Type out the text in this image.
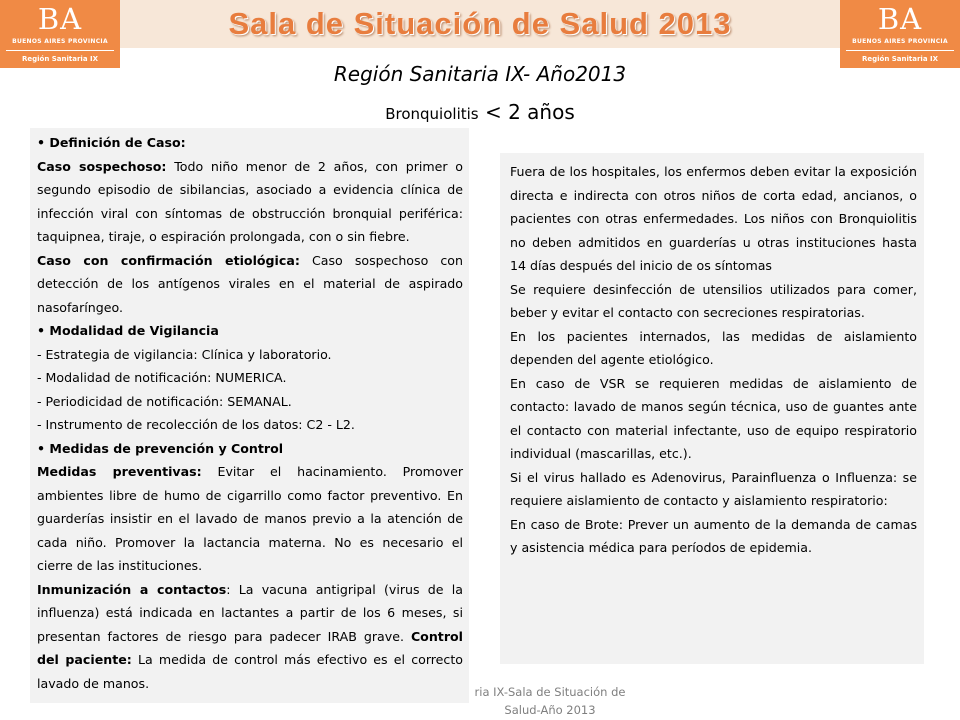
BA
BUENOS AIRES PROVINCIA
Región Sanitaria IX
Sala de Situación de Salud 2013	BA
BUENOS AIRES PROVINCIA
Región Sanitaria IX
Región Sanitaria IX- Año2013
Bronquiolitis < 2 años

• Definición de Caso:

Caso sospechoso: Todo niño menor de 2 años, con primer o segundo episodio de sibilancias, asociado a evidencia clínica de infección viral con síntomas de obstrucción bronquial periférica: taquipnea, tiraje, o espiración prolongada, con o sin fiebre.

Caso con confirmación etiológica: Caso sospechoso con detección de los antígenos virales en el material de aspirado nasofaríngeo.

• Modalidad de Vigilancia

- Estrategia de vigilancia: Clínica y laboratorio.

- Modalidad de notificación: NUMERICA.

- Periodicidad de notificación: SEMANAL.

- Instrumento de recolección de los datos: C2 - L2.

• Medidas de prevención y Control

Medidas preventivas: Evitar el hacinamiento. Promover ambientes libre de humo de cigarrillo como factor preventivo. En guarderías insistir en el lavado de manos previo a la atención de cada niño. Promover la lactancia materna. No es necesario el cierre de las instituciones.

Inmunización a contactos: La vacuna antigripal (virus de la influenza) está indicada en lactantes a partir de los 6 meses, si presentan factores de riesgo para padecer IRAB grave. Control del paciente: La medida de control más efectivo es el correcto lavado de manos.

Fuera de los hospitales, los enfermos deben evitar la exposición directa e indirecta con otros niños de corta edad, ancianos, o pacientes con otras enfermedades. Los niños con Bronquiolitis no deben admitidos en guarderías u otras instituciones hasta 14 días después del inicio de os síntomas

Se requiere desinfección de utensilios utilizados para comer, beber y evitar el contacto con secreciones respiratorias.

En los pacientes internados, las medidas de aislamiento dependen del agente etiológico.

En caso de VSR se requieren medidas de aislamiento de contacto: lavado de manos según técnica, uso de guantes ante el contacto con material infectante, uso de equipo respiratorio individual (mascarillas, etc.).

Si el virus hallado es Adenovirus, Parainfluenza o Influenza: se requiere aislamiento de contacto y aislamiento respiratorio:

En caso de Brote: Prever un aumento de la demanda de camas y asistencia médica para períodos de epidemia.

ria IX-Sala de Situación de
Salud-Año 2013
